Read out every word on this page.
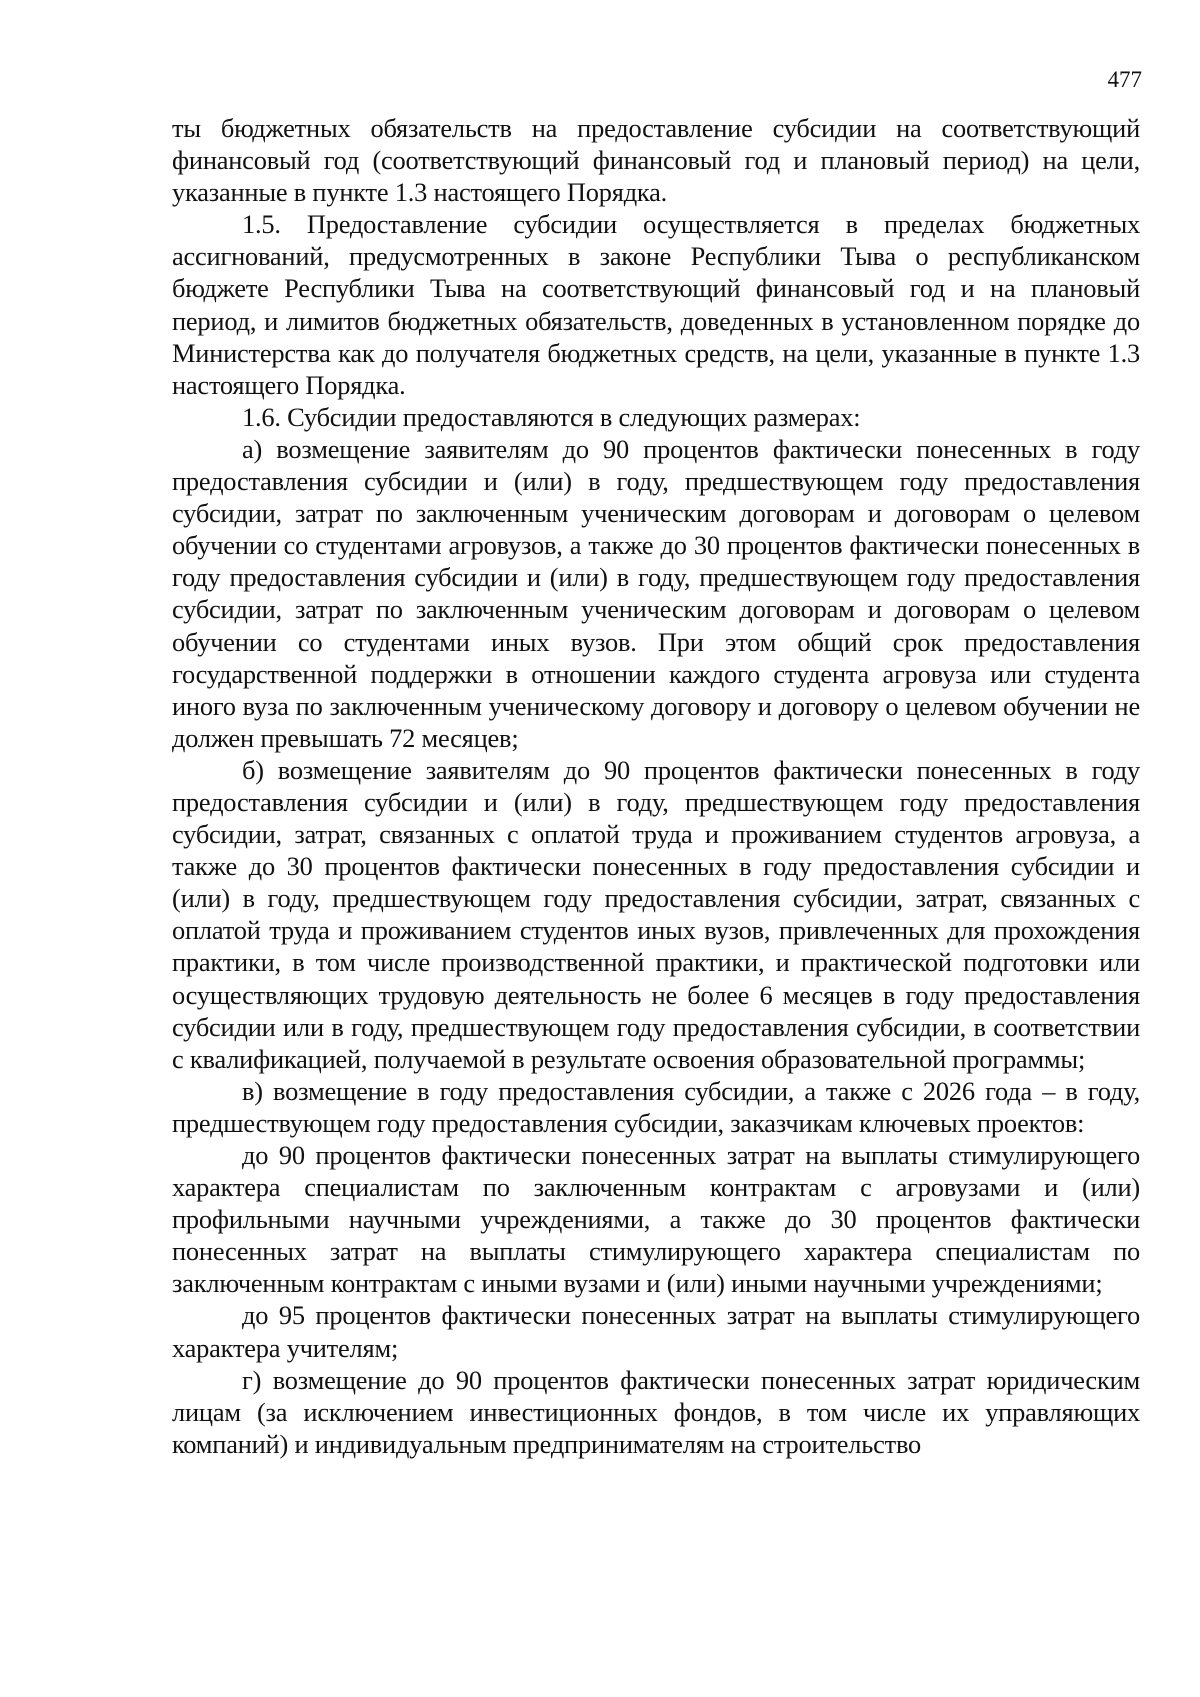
477

ты бюджетных обязательств на предоставление субсидии на соответствующий финансовый год (соответствующий финансовый год и плановый период) на цели, указанные в пункте 1.3 настоящего Порядка.

1.5. Предоставление субсидии осуществляется в пределах бюджетных ассигнований, предусмотренных в законе Республики Тыва о республиканском бюджете Республики Тыва на соответствующий финансовый год и на плановый период, и лимитов бюджетных обязательств, доведенных в установленном порядке до Министерства как до получателя бюджетных средств, на цели, указанные в пункте 1.3 настоящего Порядка.

1.6. Субсидии предоставляются в следующих размерах:

а) возмещение заявителям до 90 процентов фактически понесенных в году предоставления субсидии и (или) в году, предшествующем году предоставления субсидии, затрат по заключенным ученическим договорам и договорам о целевом обучении со студентами агровузов, а также до 30 процентов фактически понесенных в году предоставления субсидии и (или) в году, предшествующем году предоставления субсидии, затрат по заключенным ученическим договорам и договорам о целевом обучении со студентами иных вузов. При этом общий срок предоставления государственной поддержки в отношении каждого студента агровуза или студента иного вуза по заключенным ученическому договору и договору о целевом обучении не должен превышать 72 месяцев;

б) возмещение заявителям до 90 процентов фактически понесенных в году предоставления субсидии и (или) в году, предшествующем году предоставления субсидии, затрат, связанных с оплатой труда и проживанием студентов агровуза, а также до 30 процентов фактически понесенных в году предоставления субсидии и (или) в году, предшествующем году предоставления субсидии, затрат, связанных с оплатой труда и проживанием студентов иных вузов, привлеченных для прохождения практики, в том числе производственной практики, и практической подготовки или осуществляющих трудовую деятельность не более 6 месяцев в году предоставления субсидии или в году, предшествующем году предоставления субсидии, в соответствии с квалификацией, получаемой в результате освоения образовательной программы;

в) возмещение в году предоставления субсидии, а также с 2026 года – в году, предшествующем году предоставления субсидии, заказчикам ключевых проектов:

до 90 процентов фактически понесенных затрат на выплаты стимулирующего характера специалистам по заключенным контрактам с агровузами и (или) профильными научными учреждениями, а также до 30 процентов фактически понесенных затрат на выплаты стимулирующего характера специалистам по заключенным контрактам с иными вузами и (или) иными научными учреждениями;

до 95 процентов фактически понесенных затрат на выплаты стимулирующего характера учителям;

г) возмещение до 90 процентов фактически понесенных затрат юридическим лицам (за исключением инвестиционных фондов, в том числе их управляющих компаний) и индивидуальным предпринимателям на строительство
